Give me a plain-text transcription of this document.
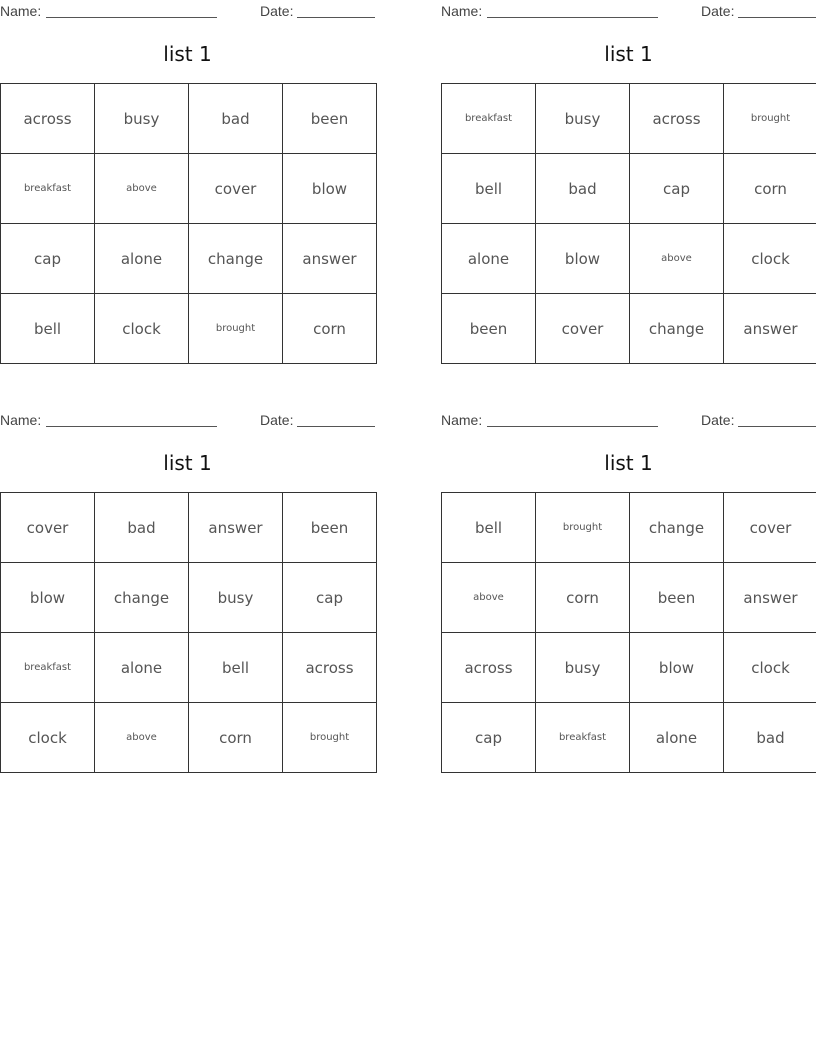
Name:	Date:
list 1
across	busy	bad	been
breakfast	above	cover	blow
cap	alone	change	answer
bell	clock	brought	corn
Name:	Date:
list 1
breakfast	busy	across	brought
bell	bad	cap	corn
alone	blow	above	clock
been	cover	change	answer
Name:	Date:
list 1
cover	bad	answer	been
blow	change	busy	cap
breakfast	alone	bell	across
clock	above	corn	brought
Name:	Date:
list 1
bell	brought	change	cover
above	corn	been	answer
across	busy	blow	clock
cap	breakfast	alone	bad
